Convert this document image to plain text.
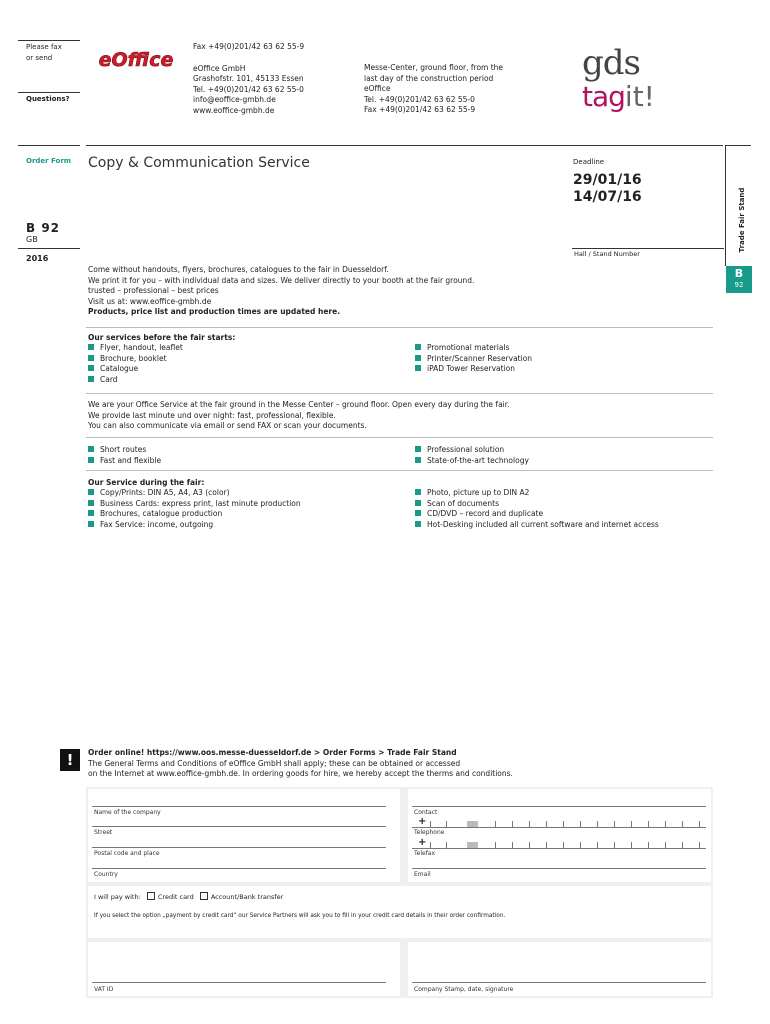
Please fax
or send
Questions?
Order Form
B 92
GB
2016
eOffice
Fax +49(0)201/42 63 62 55-9
eOffice GmbH
Grashofstr. 101, 45133 Essen
Tel. +49(0)201/42 63 62 55-0
info@eoffice-gmbh.de
www.eoffice-gmbh.de
Messe-Center, ground floor, from the
last day of the construction period
eOffice
Tel. +49(0)201/42 63 62 55-0
Fax +49(0)201/42 63 62 55-9
gds
tagit!
Copy & Communication Service	Deadline
29/01/16
14/07/16
Hall / Stand Number
Trade Fair Stand
B
92
Come without handouts, flyers, brochures, catalogues to the fair in Duesseldorf.
We print it for you – with individual data and sizes. We deliver directly to your booth at the fair ground.
trusted – professional – best prices
Visit us at: www.eoffice-gmbh.de
Products, price list and production times are updated here.
Our services before the fair starts:
Flyer, handout, leaflet
Brochure, booklet
Catalogue
Card
Promotional materials
Printer/Scanner Reservation
iPAD Tower Reservation
We are your Office Service at the fair ground in the Messe Center – ground floor. Open every day during the fair.
We provide last minute und over night: fast, professional, flexible.
You can also communicate via email or send FAX or scan your documents.
Short routes
Fast and flexible
Professional solution
State-of-the-art technology
Our Service during the fair:
Copy/Prints: DIN A5, A4, A3 (color)
Business Cards: express print, last minute production
Brochures, catalogue production
Fax Service: income, outgoing
Photo, picture up to DIN A2
Scan of documents
CD/DVD – record and duplicate
Hot-Desking included all current software and internet access
!	Order online! https://www.oos.messe-duesseldorf.de > Order Forms > Trade Fair Stand
The General Terms and Conditions of eOffice GmbH shall apply; these can be obtained or accessed
on the Internet at www.eoffice-gmbh.de. In ordering goods for hire, we hereby accept the therms and conditions.
Name of the company
Street
Postal code and place
Country
Contact
+
Telephone
+
Telefax
Email
I will pay with:	Credit card	Account/Bank transfer
If you select the option „payment by credit card“ our Service Partners will ask you to fill in your credit card details in their order confirmation.
VAT ID	Company Stamp, date, signature
